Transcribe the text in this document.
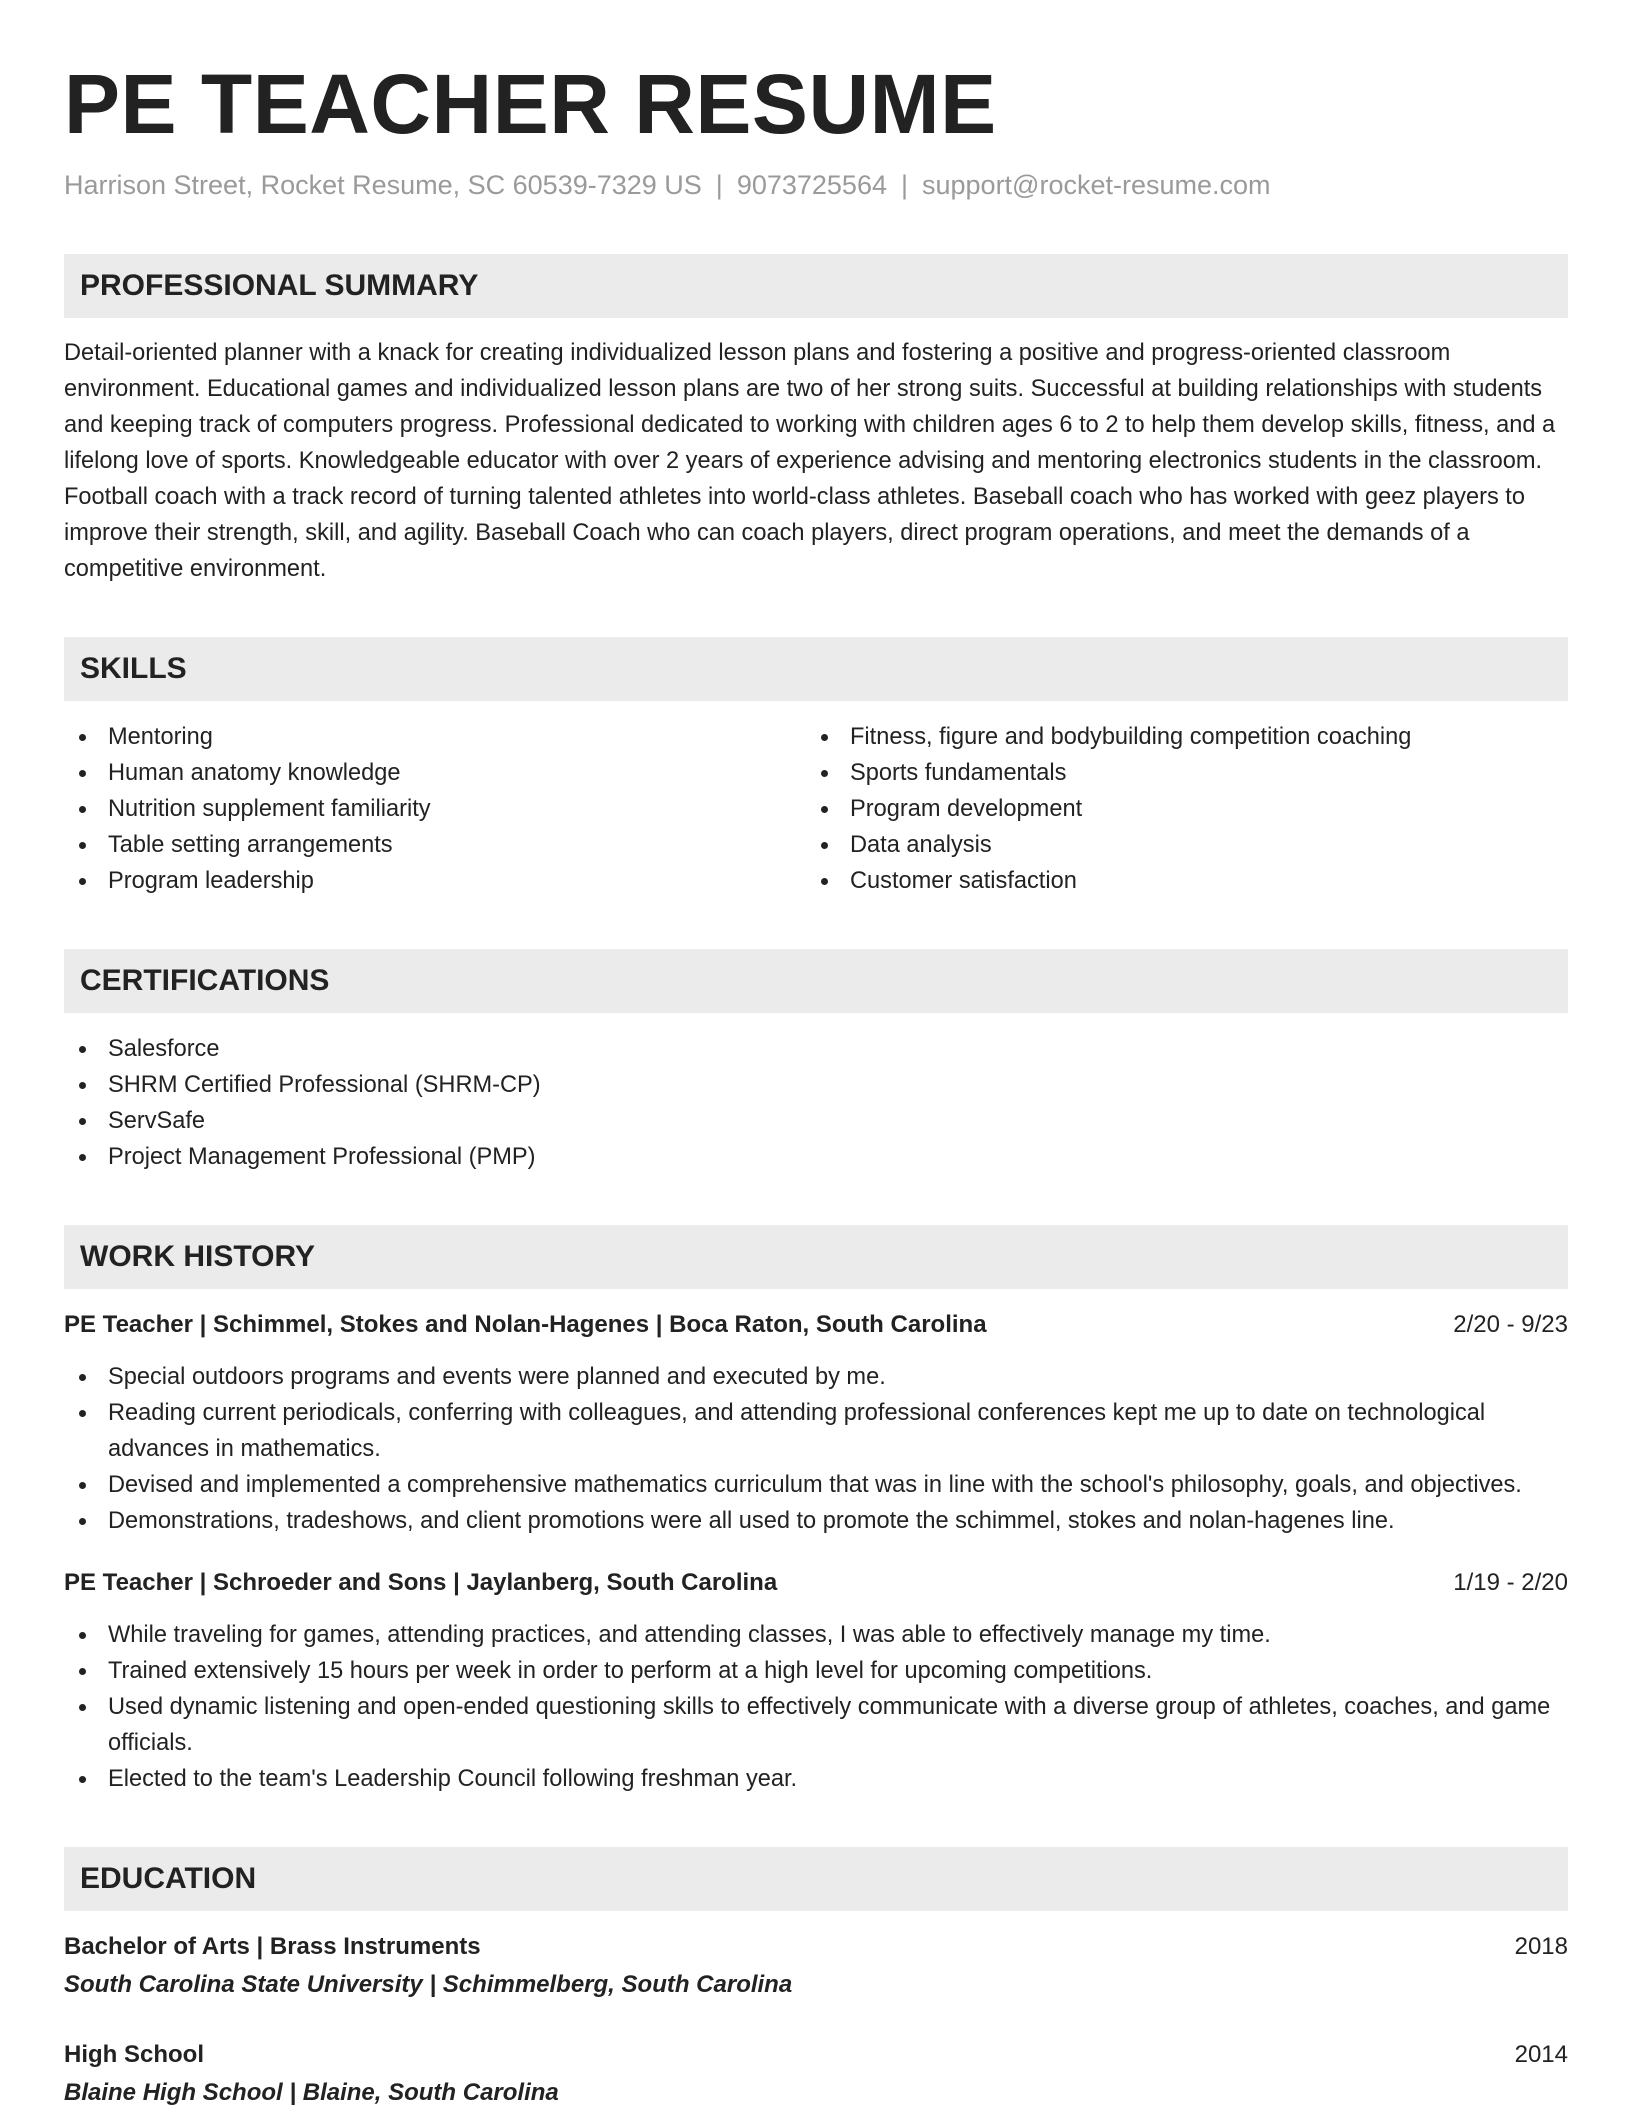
PE TEACHER RESUME
Harrison Street, Rocket Resume, SC 60539-7329 US | 9073725564 | support@rocket-resume.com
PROFESSIONAL SUMMARY

Detail-oriented planner with a knack for creating individualized lesson plans and fostering a positive and progress-oriented classroom environment. Educational games and individualized lesson plans are two of her strong suits. Successful at building relationships with students and keeping track of computers progress. Professional dedicated to working with children ages 6 to 2 to help them develop skills, fitness, and a lifelong love of sports. Knowledgeable educator with over 2 years of experience advising and mentoring electronics students in the classroom. Football coach with a track record of turning talented athletes into world-class athletes. Baseball coach who has worked with geez players to improve their strength, skill, and agility. Baseball Coach who can coach players, direct program operations, and meet the demands of a competitive environment.

SKILLS
Mentoring
Human anatomy knowledge
Nutrition supplement familiarity
Table setting arrangements
Program leadership
Fitness, figure and bodybuilding competition coaching
Sports fundamentals
Program development
Data analysis
Customer satisfaction
CERTIFICATIONS
Salesforce
SHRM Certified Professional (SHRM-CP)
ServSafe
Project Management Professional (PMP)
WORK HISTORY
PE Teacher | Schimmel, Stokes and Nolan-Hagenes | Boca Raton, South Carolina	2/20 - 9/23
Special outdoors programs and events were planned and executed by me.
Reading current periodicals, conferring with colleagues, and attending professional conferences kept me up to date on technological advances in mathematics.
Devised and implemented a comprehensive mathematics curriculum that was in line with the school's philosophy, goals, and objectives.
Demonstrations, tradeshows, and client promotions were all used to promote the schimmel, stokes and nolan-hagenes line.
PE Teacher | Schroeder and Sons | Jaylanberg, South Carolina	1/19 - 2/20
While traveling for games, attending practices, and attending classes, I was able to effectively manage my time.
Trained extensively 15 hours per week in order to perform at a high level for upcoming competitions.
Used dynamic listening and open-ended questioning skills to effectively communicate with a diverse group of athletes, coaches, and game officials.
Elected to the team's Leadership Council following freshman year.
EDUCATION
Bachelor of Arts | Brass Instruments	2018
South Carolina State University | Schimmelberg, South Carolina
High School	2014
Blaine High School | Blaine, South Carolina
